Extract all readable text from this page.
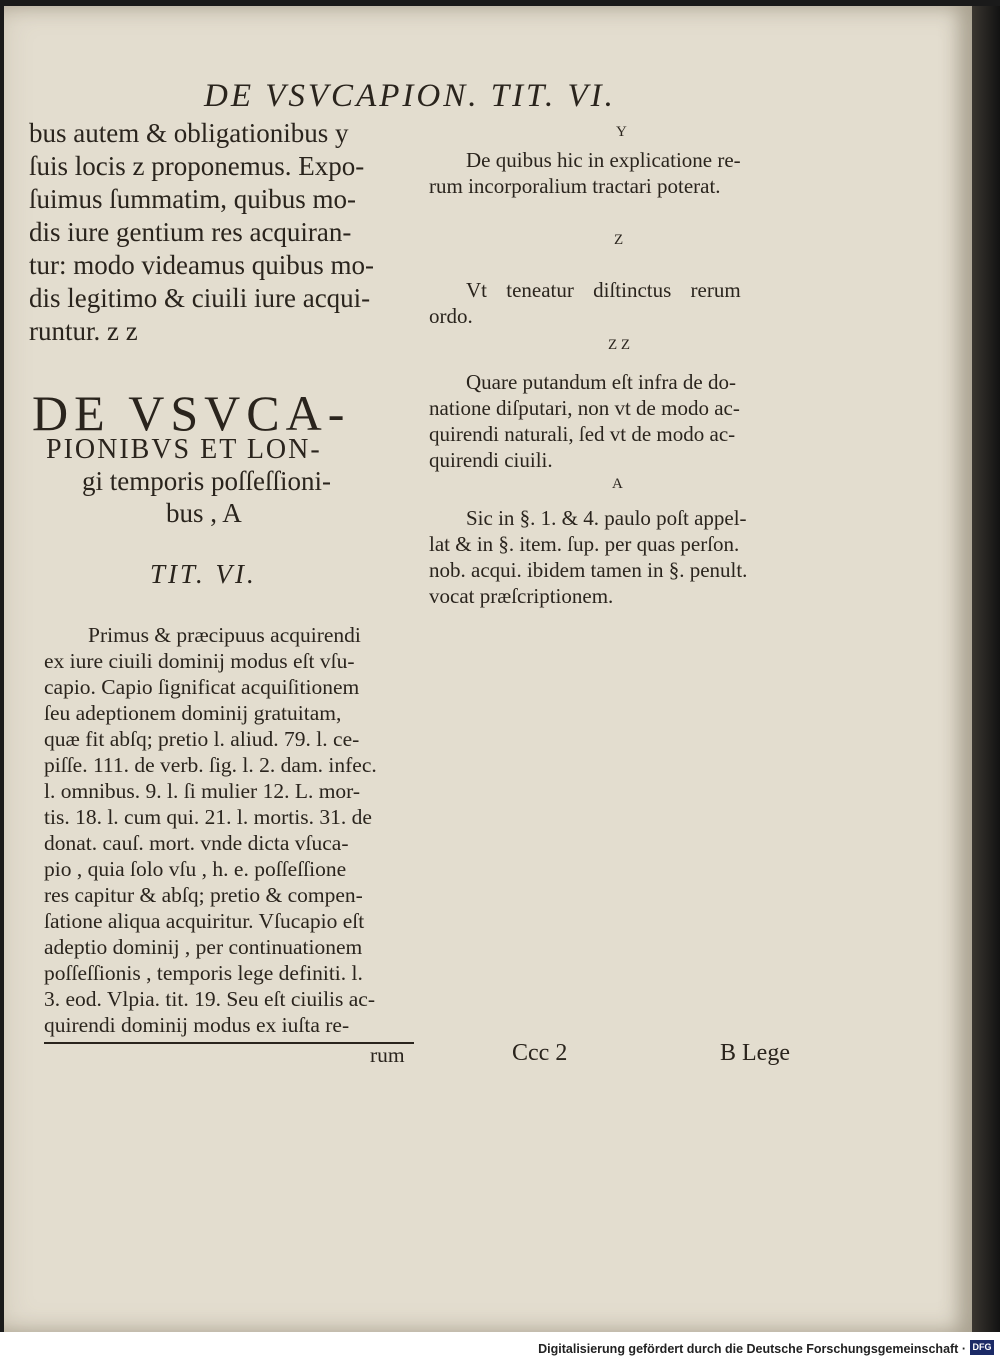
DE VSVCAPION. TIT. VI.
bus autem & obligationibus y
ſuis locis z proponemus. Expo-
ſuimus ſummatim, quibus mo-
dis iure gentium res acquiran-
tur: modo videamus quibus mo-
dis legitimo & ciuili iure acqui-
runtur. z z
DE VSVCA-
PIONIBVS ET LON-
gi temporis poſſeſſioni-
bus , A
TIT. VI.
Primus & præcipuus acquirendi
ex iure ciuili dominij modus eſt vſu-
capio. Capio ſignificat acquiſitionem
ſeu adeptionem dominij gratuitam,
quæ fit abſq; pretio l. aliud. 79. l. ce-
piſſe. 111. de verb. ſig. l. 2. dam. infec.
l. omnibus. 9. l. ſi mulier 12. L. mor-
tis. 18. l. cum qui. 21. l. mortis. 31. de
donat. cauſ. mort. vnde dicta vſuca-
pio , quia ſolo vſu , h. e. poſſeſſione
res capitur & abſq; pretio & compen-
ſatione aliqua acquiritur. Vſucapio eſt
adeptio dominij , per continuationem
poſſeſſionis , temporis lege definiti. l.
3. eod. Vlpia. tit. 19. Seu eſt ciuilis ac-
quirendi dominij modus ex iuſta re-
rum
Y
De quibus hic in explicatione re-
rum incorporalium tractari poterat.
Z
Vt teneatur diſtinctus rerum
ordo.
Z Z
Quare putandum eſt infra de do-
natione diſputari, non vt de modo ac-
quirendi naturali, ſed vt de modo ac-
quirendi ciuili.
A
Sic in §. 1. & 4. paulo poſt appel-
lat & in §. item. ſup. per quas perſon.
nob. acqui. ibidem tamen in §. penult.
vocat præſcriptionem.
Ccc 2	B Lege
Digitalisierung gefördert durch die Deutsche Forschungsgemeinschaft · DFG
